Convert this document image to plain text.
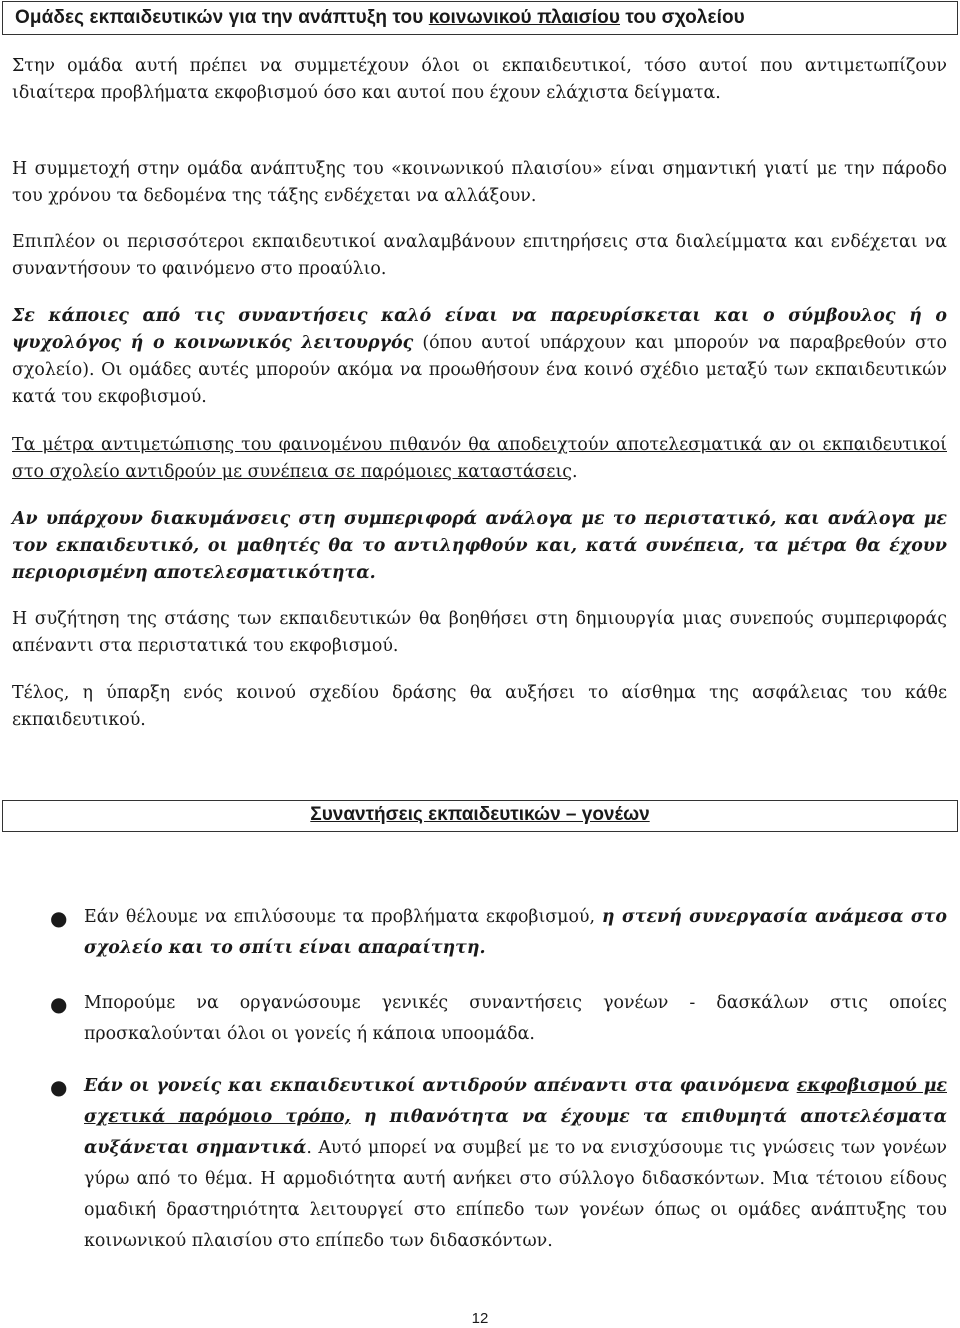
Ομάδες εκπαιδευτικών για την ανάπτυξη του κοινωνικού πλαισίου του σχολείου

Στην ομάδα αυτή πρέπει να συμμετέχουν όλοι οι εκπαιδευτικοί, τόσο αυτοί που αντιμετωπίζουν ιδιαίτερα προβλήματα εκφοβισμού όσο και αυτοί που έχουν ελάχιστα δείγματα.

Η συμμετοχή στην ομάδα ανάπτυξης του «κοινωνικού πλαισίου» είναι σημαντική γιατί με την πάροδο του χρόνου τα δεδομένα της τάξης ενδέχεται να αλλάξουν.

Επιπλέον οι περισσότεροι εκπαιδευτικοί αναλαμβάνουν επιτηρήσεις στα διαλείμματα και ενδέχεται να συναντήσουν το φαινόμενο στο προαύλιο.

Σε κάποιες από τις συναντήσεις καλό είναι να παρευρίσκεται και ο σύμβουλος ή ο ψυχολόγος ή ο κοινωνικός λειτουργός (όπου αυτοί υπάρχουν και μπορούν να παραβρεθούν στο σχολείο). Οι ομάδες αυτές μπορούν ακόμα να προωθήσουν ένα κοινό σχέδιο μεταξύ των εκπαιδευτικών κατά του εκφοβισμού.

Τα μέτρα αντιμετώπισης του φαινομένου πιθανόν θα αποδειχτούν αποτελεσματικά αν οι εκπαιδευτικοί στο σχολείο αντιδρούν με συνέπεια σε παρόμοιες καταστάσεις.

Αν υπάρχουν διακυμάνσεις στη συμπεριφορά ανάλογα με το περιστατικό, και ανάλογα με τον εκπαιδευτικό, οι μαθητές θα το αντιληφθούν και, κατά συνέπεια, τα μέτρα θα έχουν περιορισμένη αποτελεσματικότητα.

Η συζήτηση της στάσης των εκπαιδευτικών θα βοηθήσει στη δημιουργία μιας συνεπούς συμπεριφοράς απέναντι στα περιστατικά του εκφοβισμού.

Τέλος, η ύπαρξη ενός κοινού σχεδίου δράσης θα αυξήσει το αίσθημα της ασφάλειας του κάθε εκπαιδευτικού.

Συναντήσεις εκπαιδευτικών – γονέων
● Εάν θέλουμε να επιλύσουμε τα προβλήματα εκφοβισμού, η στενή συνεργασία ανάμεσα στο σχολείο και το σπίτι είναι απαραίτητη.

● Μπορούμε να οργανώσουμε γενικές συναντήσεις γονέων - δασκάλων στις οποίες προσκαλούνται όλοι οι γονείς ή κάποια υποομάδα.

● Εάν οι γονείς και εκπαιδευτικοί αντιδρούν απέναντι στα φαινόμενα εκφοβισμού με σχετικά παρόμοιο τρόπο, η πιθανότητα να έχουμε τα επιθυμητά αποτελέσματα αυξάνεται σημαντικά. Αυτό μπορεί να συμβεί με το να ενισχύσουμε τις γνώσεις των γονέων γύρω από το θέμα. Η αρμοδιότητα αυτή ανήκει στο σύλλογο διδασκόντων. Μια τέτοιου είδους ομαδική δραστηριότητα λειτουργεί στο επίπεδο των γονέων όπως οι ομάδες ανάπτυξης του κοινωνικού πλαισίου στο επίπεδο των διδασκόντων.

12
